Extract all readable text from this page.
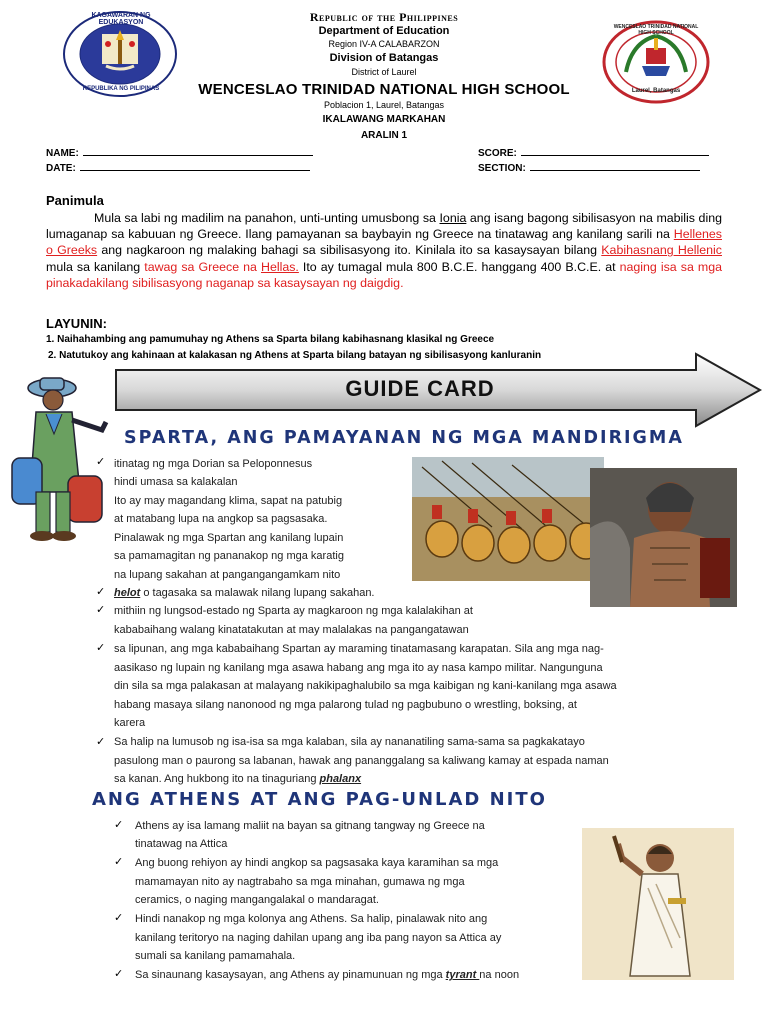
KAGAWARAN NG EDUKASYON
REPUBLIKA NG PILIPINAS
WENCESLAO TRINIDAD NATIONAL HIGH SCHOOL
Laurel, Batangas
Republic of the Philippines
Department of Education
Region IV-A CALABARZON
Division of Batangas
District of Laurel
WENCESLAO TRINIDAD NATIONAL HIGH SCHOOL
Poblacion 1, Laurel, Batangas
IKALAWANG MARKAHAN
ARALIN 1
NAME:
DATE:
SCORE:
SECTION:
Panimula
Mula sa labi ng madilim na panahon, unti-unting umusbong sa Ionia ang isang bagong sibilisasyon na mabilis ding lumaganap sa kabuuan ng Greece. Ilang pamayanan sa baybayin ng Greece na tinatawag ang kanilang sarili na Hellenes o Greeks ang nagkaroon ng malaking bahagi sa sibilisasyong ito. Kinilala ito sa kasaysayan bilang Kabihasnang Hellenic mula sa kanilang tawag sa Greece na Hellas. Ito ay tumagal mula 800 B.C.E. hanggang 400 B.C.E. at naging isa sa mga pinakadakilang sibilisasyong naganap sa kasaysayan ng daigdig.
LAYUNIN:
1. Naihahambing ang pamumuhay ng Athens sa Sparta bilang kabihasnang klasikal ng Greece
2. Natutukoy ang kahinaan at kalakasan ng Athens at Sparta bilang batayan ng sibilisasyong kanluranin
GUIDE CARD
SPARTA, ANG PAMAYANAN NG MGA MANDIRIGMA
itinatag ng mga Dorian sa Peloponnesus
hindi umasa sa kalakalan
Ito ay may magandang klima, sapat na patubig
at matabang lupa na angkop sa pagsasaka.
Pinalawak ng mga Spartan ang kanilang lupain
sa pamamagitan ng pananakop ng mga karatig
na lupang sakahan at pangangangamkam nito
✓
✓ helot o tagasaka sa malawak nilang lupang sakahan.
✓ mithiin ng lungsod-estado ng Sparta ay magkaroon ng mga kalalakihan at
kababaihang walang kinatatakutan at may malalakas na pangangatawan
✓ sa lipunan, ang mga kababaihang Spartan ay maraming tinatamasang karapatan. Sila ang mga nag-
aasikaso ng lupain ng kanilang mga asawa habang ang mga ito ay nasa kampo militar. Nangunguna
din sila sa mga palakasan at malayang nakikipaghalubilo sa mga kaibigan ng kani-kanilang mga asawa
habang masaya silang nanonood ng mga palarong tulad ng pagbubuno o wrestling, boksing, at
karera
✓ Sa halip na lumusob ng isa-isa sa mga kalaban, sila ay nananatiling sama-sama sa pagkakatayo
pasulong man o paurong sa labanan, hawak ang pananggalang sa kaliwang kamay at espada naman
sa kanan. Ang hukbong ito na tinaguriang phalanx
ANG ATHENS AT ANG PAG-UNLAD NITO
✓ Athens ay isa lamang maliit na bayan sa gitnang tangway ng Greece na
tinatawag na Attica
✓ Ang buong rehiyon ay hindi angkop sa pagsasaka kaya karamihan sa mga
mamamayan nito ay nagtrabaho sa mga minahan, gumawa ng mga
ceramics, o naging mangangalakal o mandaragat.
✓ Hindi nanakop ng mga kolonya ang Athens. Sa halip, pinalawak nito ang
kanilang teritoryo na naging dahilan upang ang iba pang nayon sa Attica ay
sumali sa kanilang pamamahala.
✓ Sa sinaunang kasaysayan, ang Athens ay pinamunuan ng mga tyrant na noon
